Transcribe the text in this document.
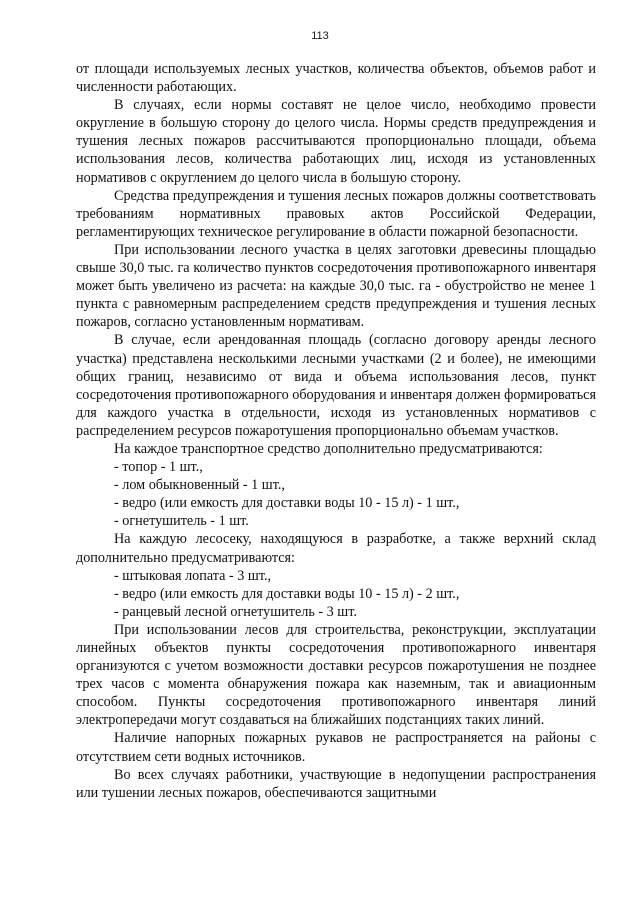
113

от площади используемых лесных участков, количества объектов, объемов работ и численности работающих.

В случаях, если нормы составят не целое число, необходимо провести округление в большую сторону до целого числа. Нормы средств предупреждения и тушения лесных пожаров рассчитываются пропорционально площади, объема использования лесов, количества работающих лиц, исходя из установленных нормативов с округлением до целого числа в большую сторону.

Средства предупреждения и тушения лесных пожаров должны соответствовать требованиям нормативных правовых актов Российской Федерации, регламентирующих техническое регулирование в области пожарной безопасности.

При использовании лесного участка в целях заготовки древесины площадью свыше 30,0 тыс. га количество пунктов сосредоточения противопожарного инвентаря может быть увеличено из расчета: на каждые 30,0 тыс. га - обустройство не менее 1 пункта с равномерным распределением средств предупреждения и тушения лесных пожаров, согласно установленным нормативам.

В случае, если арендованная площадь (согласно договору аренды лесного участка) представлена несколькими лесными участками (2 и более), не имеющими общих границ, независимо от вида и объема использования лесов, пункт сосредоточения противопожарного оборудования и инвентаря должен формироваться для каждого участка в отдельности, исходя из установленных нормативов с распределением ресурсов пожаротушения пропорционально объемам участков.

На каждое транспортное средство дополнительно предусматриваются:

- топор - 1 шт.,

- лом обыкновенный - 1 шт.,

- ведро (или емкость для доставки воды 10 - 15 л) - 1 шт.,

- огнетушитель - 1 шт.

На каждую лесосеку, находящуюся в разработке, а также верхний склад дополнительно предусматриваются:

- штыковая лопата - 3 шт.,

- ведро (или емкость для доставки воды 10 - 15 л) - 2 шт.,

- ранцевый лесной огнетушитель - 3 шт.

При использовании лесов для строительства, реконструкции, эксплуатации линейных объектов пункты сосредоточения противопожарного инвентаря организуются с учетом возможности доставки ресурсов пожаротушения не позднее трех часов с момента обнаружения пожара как наземным, так и авиационным способом. Пункты сосредоточения противопожарного инвентаря линий электропередачи могут создаваться на ближайших подстанциях таких линий.

Наличие напорных пожарных рукавов не распространяется на районы с отсутствием сети водных источников.

Во всех случаях работники, участвующие в недопущении распространения или тушении лесных пожаров, обеспечиваются защитными
